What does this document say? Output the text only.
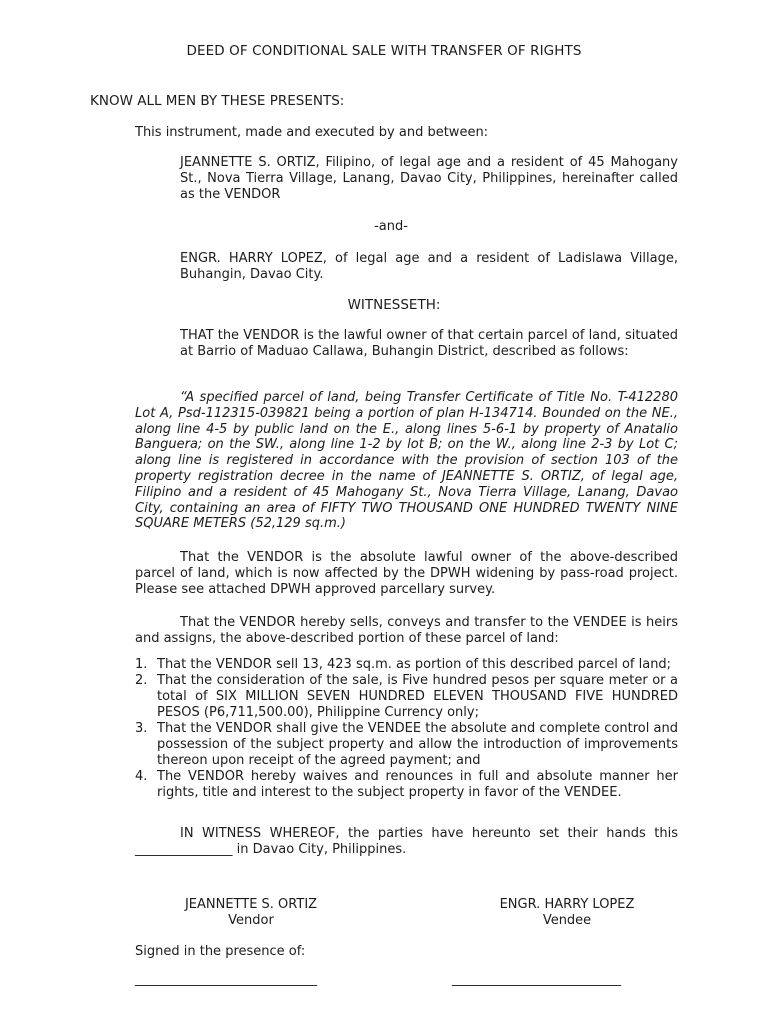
DEED OF CONDITIONAL SALE WITH TRANSFER OF RIGHTS
KNOW ALL MEN BY THESE PRESENTS:
This instrument, made and executed by and between:
JEANNETTE S. ORTIZ, Filipino, of legal age and a resident of 45 Mahogany St., Nova Tierra Village, Lanang, Davao City, Philippines, hereinafter called as the VENDOR
-and-
ENGR. HARRY LOPEZ, of legal age and a resident of Ladislawa Village, Buhangin, Davao City.
WITNESSETH:
THAT the VENDOR is the lawful owner of that certain parcel of land, situated at Barrio of Maduao Callawa, Buhangin District, described as follows:
“A specified parcel of land, being Transfer Certificate of Title No. T-412280 Lot A, Psd-112315-039821 being a portion of plan H-134714. Bounded on the NE., along line 4-5 by public land on the E., along lines 5-6-1 by property of Anatalio Banguera; on the SW., along line 1-2 by lot B; on the W., along line 2-3 by Lot C; along line is registered in accordance with the provision of section 103 of the property registration decree in the name of JEANNETTE S. ORTIZ, of legal age, Filipino and a resident of 45 Mahogany St., Nova Tierra Village, Lanang, Davao City, containing an area of FIFTY TWO THOUSAND ONE HUNDRED TWENTY NINE SQUARE METERS (52,129 sq.m.)
That the VENDOR is the absolute lawful owner of the above-described parcel of land, which is now affected by the DPWH widening by pass-road project. Please see attached DPWH approved parcellary survey.
That the VENDOR hereby sells, conveys and transfer to the VENDEE is heirs and assigns, the above-described portion of these parcel of land:
1. That the VENDOR sell 13, 423 sq.m. as portion of this described parcel of land;
2. That the consideration of the sale, is Five hundred pesos per square meter or a total of SIX MILLION SEVEN HUNDRED ELEVEN THOUSAND FIVE HUNDRED PESOS (P6,711,500.00), Philippine Currency only;
3. That the VENDOR shall give the VENDEE the absolute and complete control and possession of the subject property and allow the introduction of improvements thereon upon receipt of the agreed payment; and
4. The VENDOR hereby waives and renounces in full and absolute manner her rights, title and interest to the subject property in favor of the VENDEE.
IN WITNESS WHEREOF, the parties have hereunto set their hands this _______________ in Davao City, Philippines.
JEANNETTE S. ORTIZ
Vendor
ENGR. HARRY LOPEZ
Vendee
Signed in the presence of:
____________________________	__________________________
